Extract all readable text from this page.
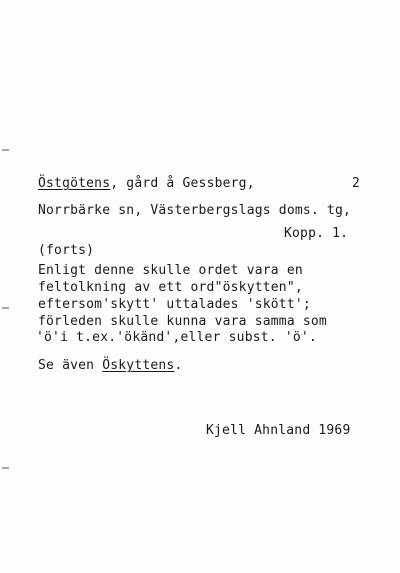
Östgötens, gård å Gessberg,	2
Norrbärke sn, Västerbergslags doms. tg,
Kopp. 1.
(forts)
Enligt denne skulle ordet vara en
feltolkning av ett ord"öskytten",
eftersom'skytt' uttalades 'skött';
förleden skulle kunna vara samma som
'ö'i t.ex.'ökänd',eller subst. 'ö'.
Se även Öskyttens.
Kjell Ahnland 1969
